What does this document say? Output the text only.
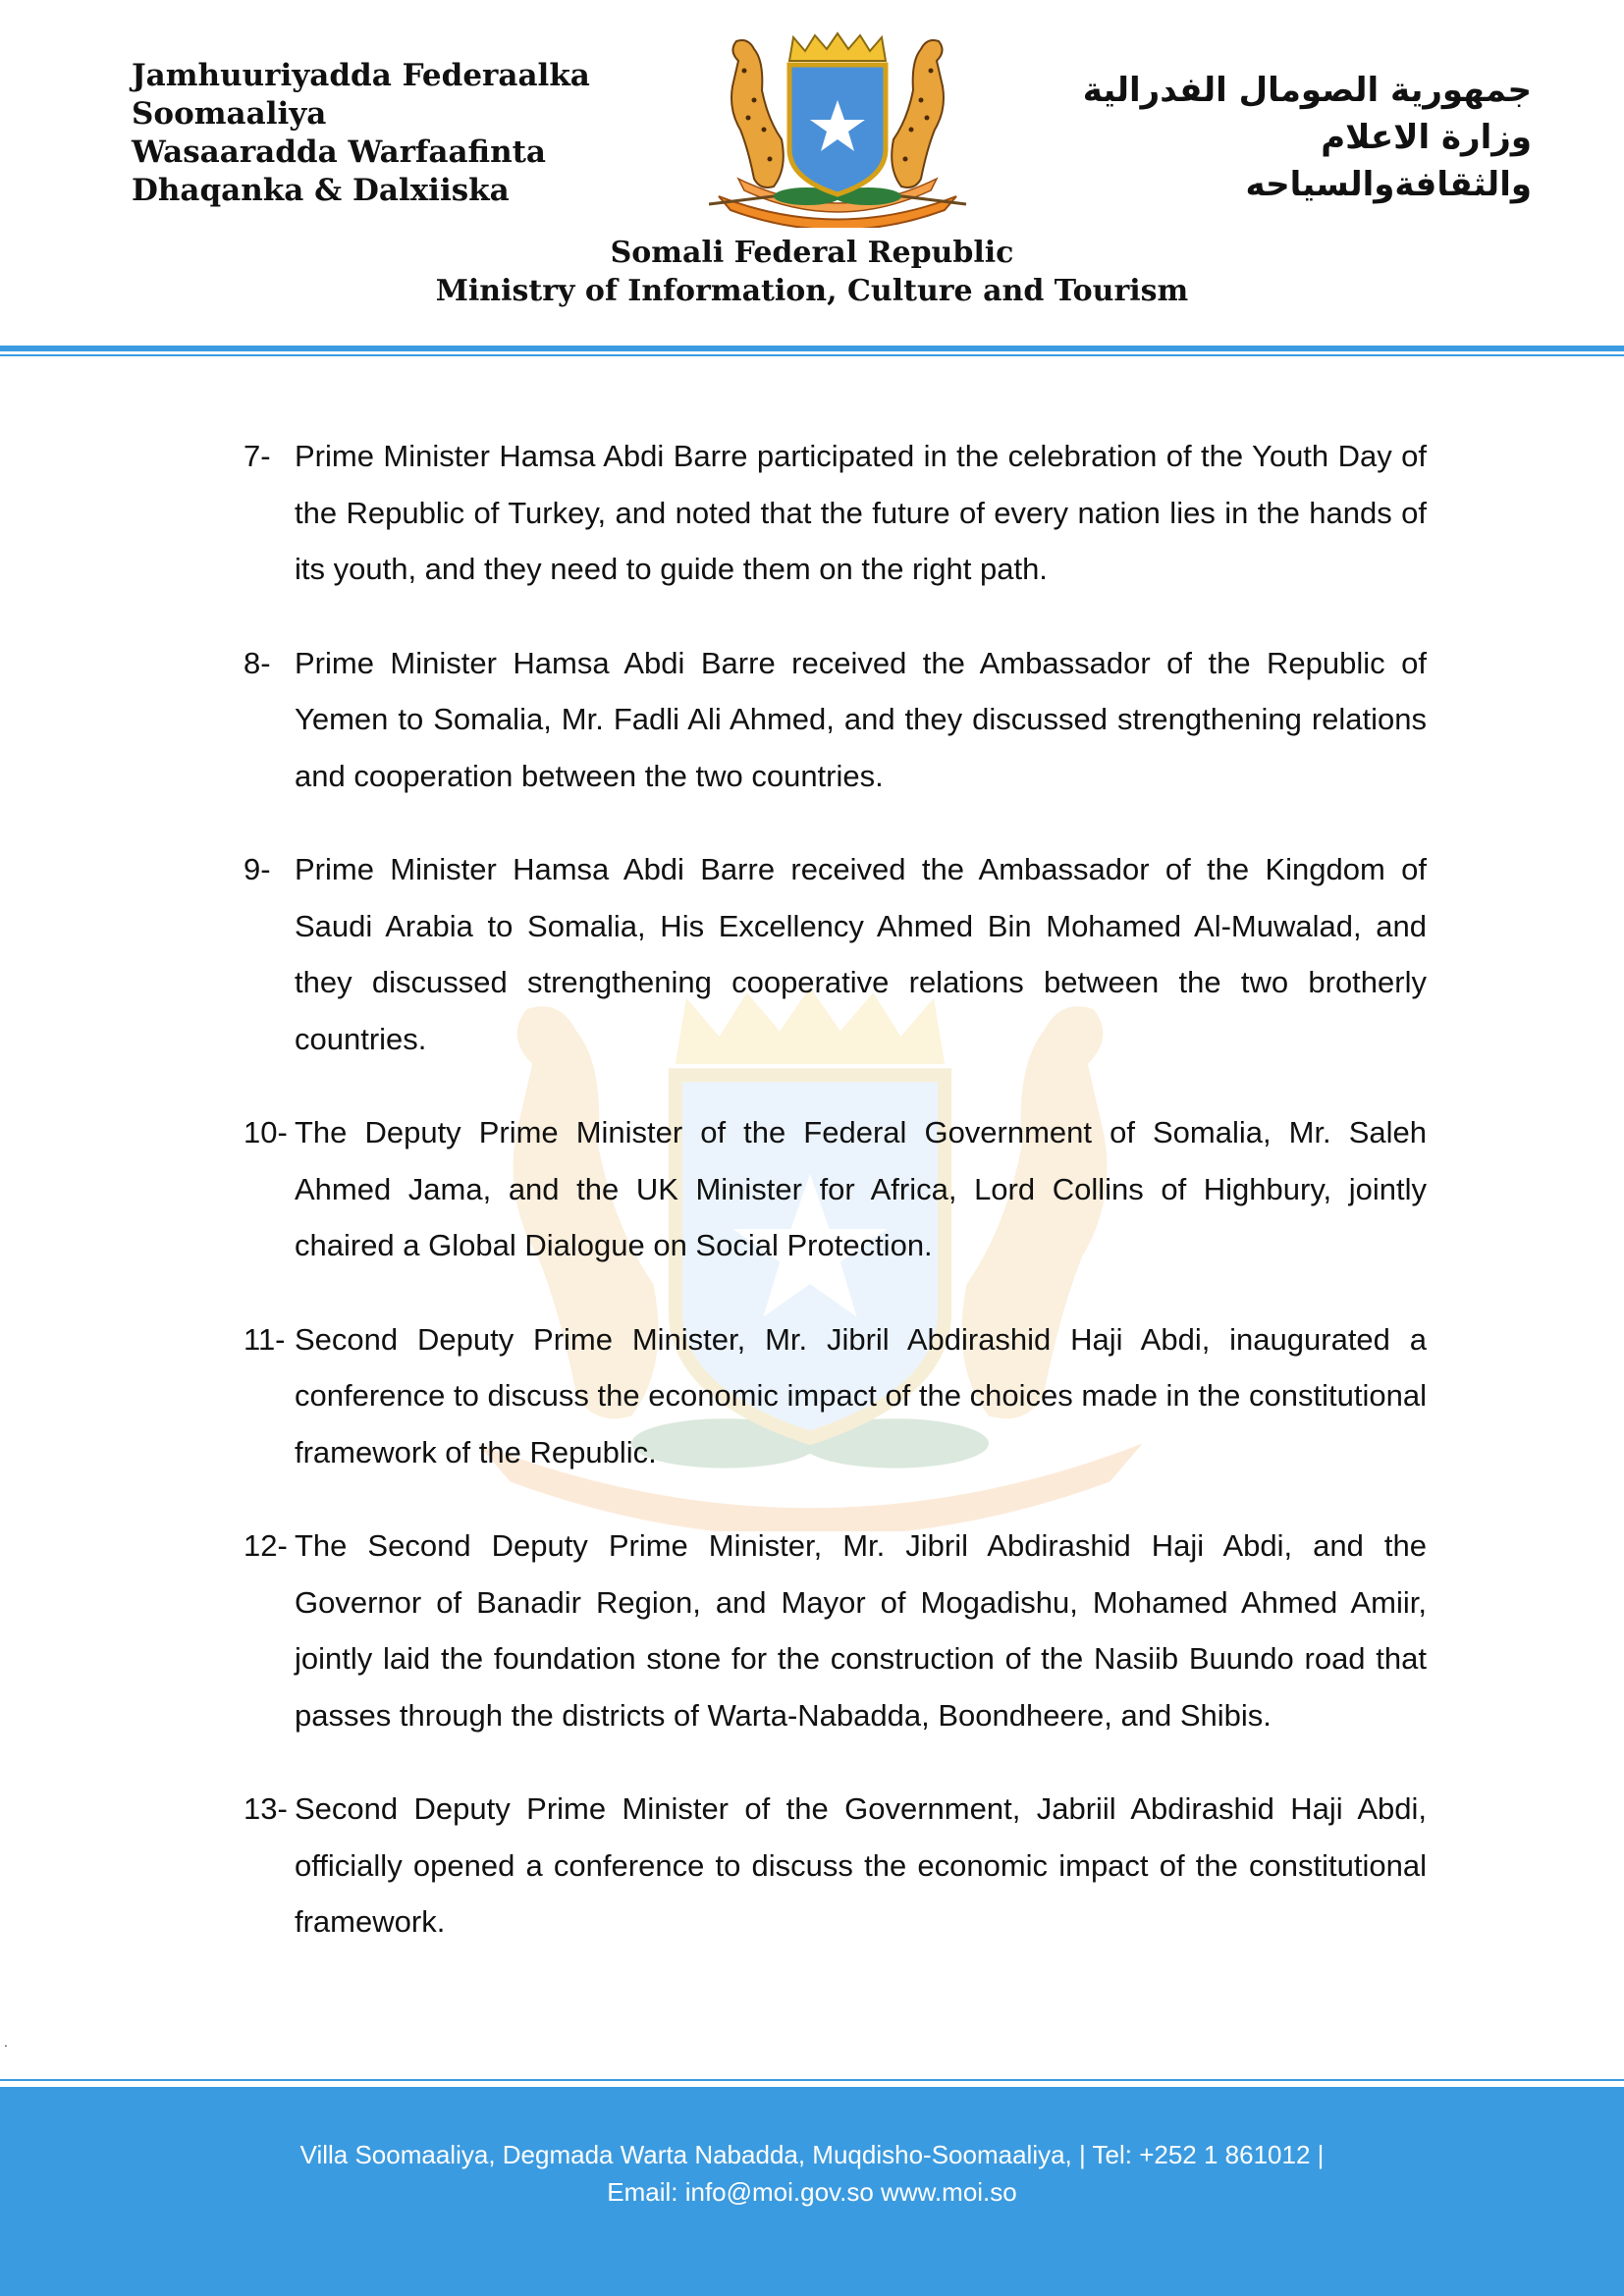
Jamhuuriyadda Federaalka
Soomaaliya
Wasaaradda Warfaafinta
Dhaqanka & Dalxiiska
جمهورية الصومال الفدرالية
وزارة الاعلام
والثقافةوالسياحه
Somali Federal Republic
Ministry of Information, Culture and Tourism
7- Prime Minister Hamsa Abdi Barre participated in the celebration of the Youth Day of the Republic of Turkey, and noted that the future of every nation lies in the hands of its youth, and they need to guide them on the right path.
8- Prime Minister Hamsa Abdi Barre received the Ambassador of the Republic of Yemen to Somalia, Mr. Fadli Ali Ahmed, and they discussed strengthening relations and cooperation between the two countries.
9- Prime Minister Hamsa Abdi Barre received the Ambassador of the Kingdom of Saudi Arabia to Somalia, His Excellency Ahmed Bin Mohamed Al-Muwalad, and they discussed strengthening cooperative relations between the two brotherly countries.
10- The Deputy Prime Minister of the Federal Government of Somalia, Mr. Saleh Ahmed Jama, and the UK Minister for Africa, Lord Collins of Highbury, jointly chaired a Global Dialogue on Social Protection.
11- Second Deputy Prime Minister, Mr. Jibril Abdirashid Haji Abdi, inaugurated a conference to discuss the economic impact of the choices made in the constitutional framework of the Republic.
12- The Second Deputy Prime Minister, Mr. Jibril Abdirashid Haji Abdi, and the Governor of Banadir Region, and Mayor of Mogadishu, Mohamed Ahmed Amiir, jointly laid the foundation stone for the construction of the Nasiib Buundo road that passes through the districts of Warta-Nabadda, Boondheere, and Shibis.
13- Second Deputy Prime Minister of the Government, Jabriil Abdirashid Haji Abdi, officially opened a conference to discuss the economic impact of the constitutional framework.
.
Villa Soomaaliya, Degmada Warta Nabadda, Muqdisho-Soomaaliya, | Tel: +252 1 861012 |
Email: info@moi.gov.so www.moi.so
